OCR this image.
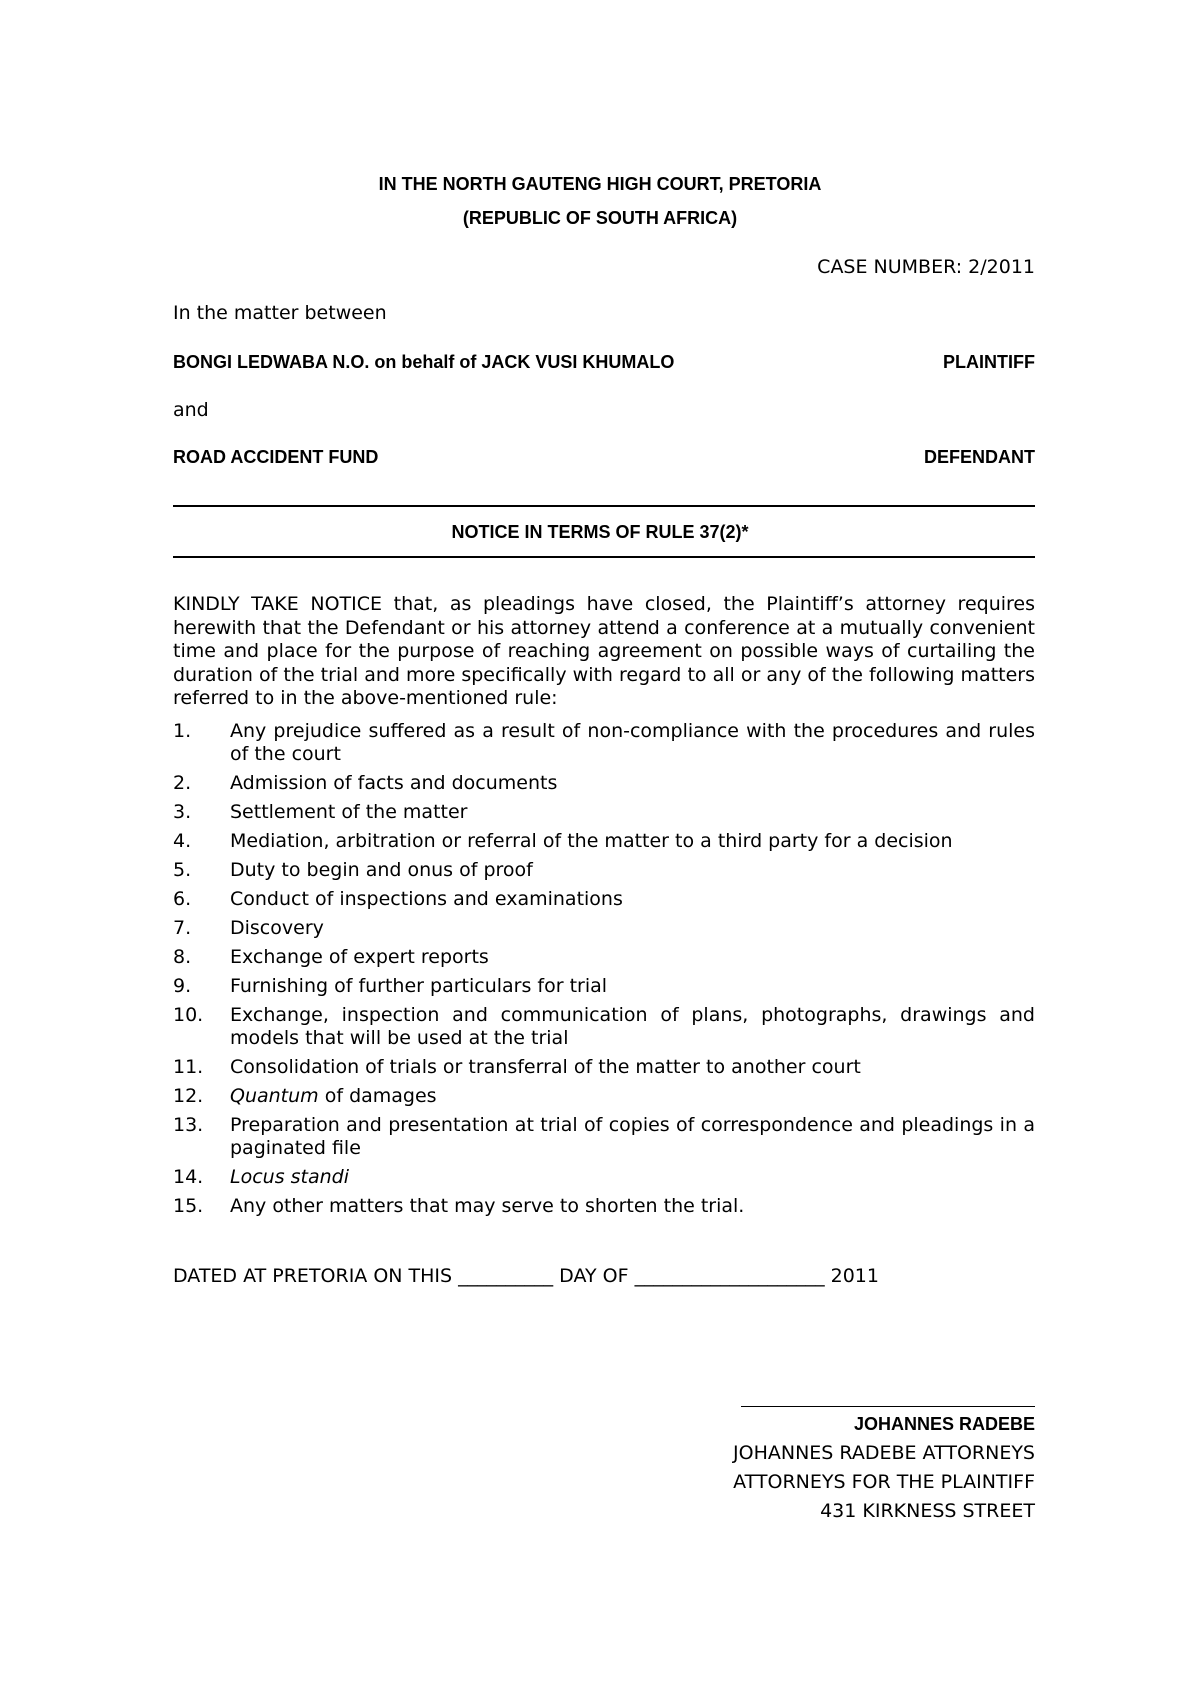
IN THE NORTH GAUTENG HIGH COURT, PRETORIA
(REPUBLIC OF SOUTH AFRICA)
CASE NUMBER: 2/2011
In the matter between
BONGI LEDWABA N.O. on behalf of JACK VUSI KHUMALO	PLAINTIFF
and
ROAD ACCIDENT FUND	DEFENDANT
NOTICE IN TERMS OF RULE 37(2)*
KINDLY TAKE NOTICE that, as pleadings have closed, the Plaintiff’s attorney requires herewith that the Defendant or his attorney attend a conference at a mutually convenient time and place for the purpose of reaching agreement on possible ways of curtailing the duration of the trial and more specifically with regard to all or any of the following matters referred to in the above-mentioned rule:
1.	Any prejudice suffered as a result of non-compliance with the procedures and rules of the court
2.	Admission of facts and documents
3.	Settlement of the matter
4.	Mediation, arbitration or referral of the matter to a third party for a decision
5.	Duty to begin and onus of proof
6.	Conduct of inspections and examinations
7.	Discovery
8.	Exchange of expert reports
9.	Furnishing of further particulars for trial
10.	Exchange, inspection and communication of plans, photographs, drawings and models that will be used at the trial
11.	Consolidation of trials or transferral of the matter to another court
12.	Quantum of damages
13.	Preparation and presentation at trial of copies of correspondence and pleadings in a paginated file
14.	Locus standi
15.	Any other matters that may serve to shorten the trial.
DATED AT PRETORIA ON THIS __________ DAY OF ____________________ 2011
JOHANNES RADEBE
JOHANNES RADEBE ATTORNEYS
ATTORNEYS FOR THE PLAINTIFF
431 KIRKNESS STREET
